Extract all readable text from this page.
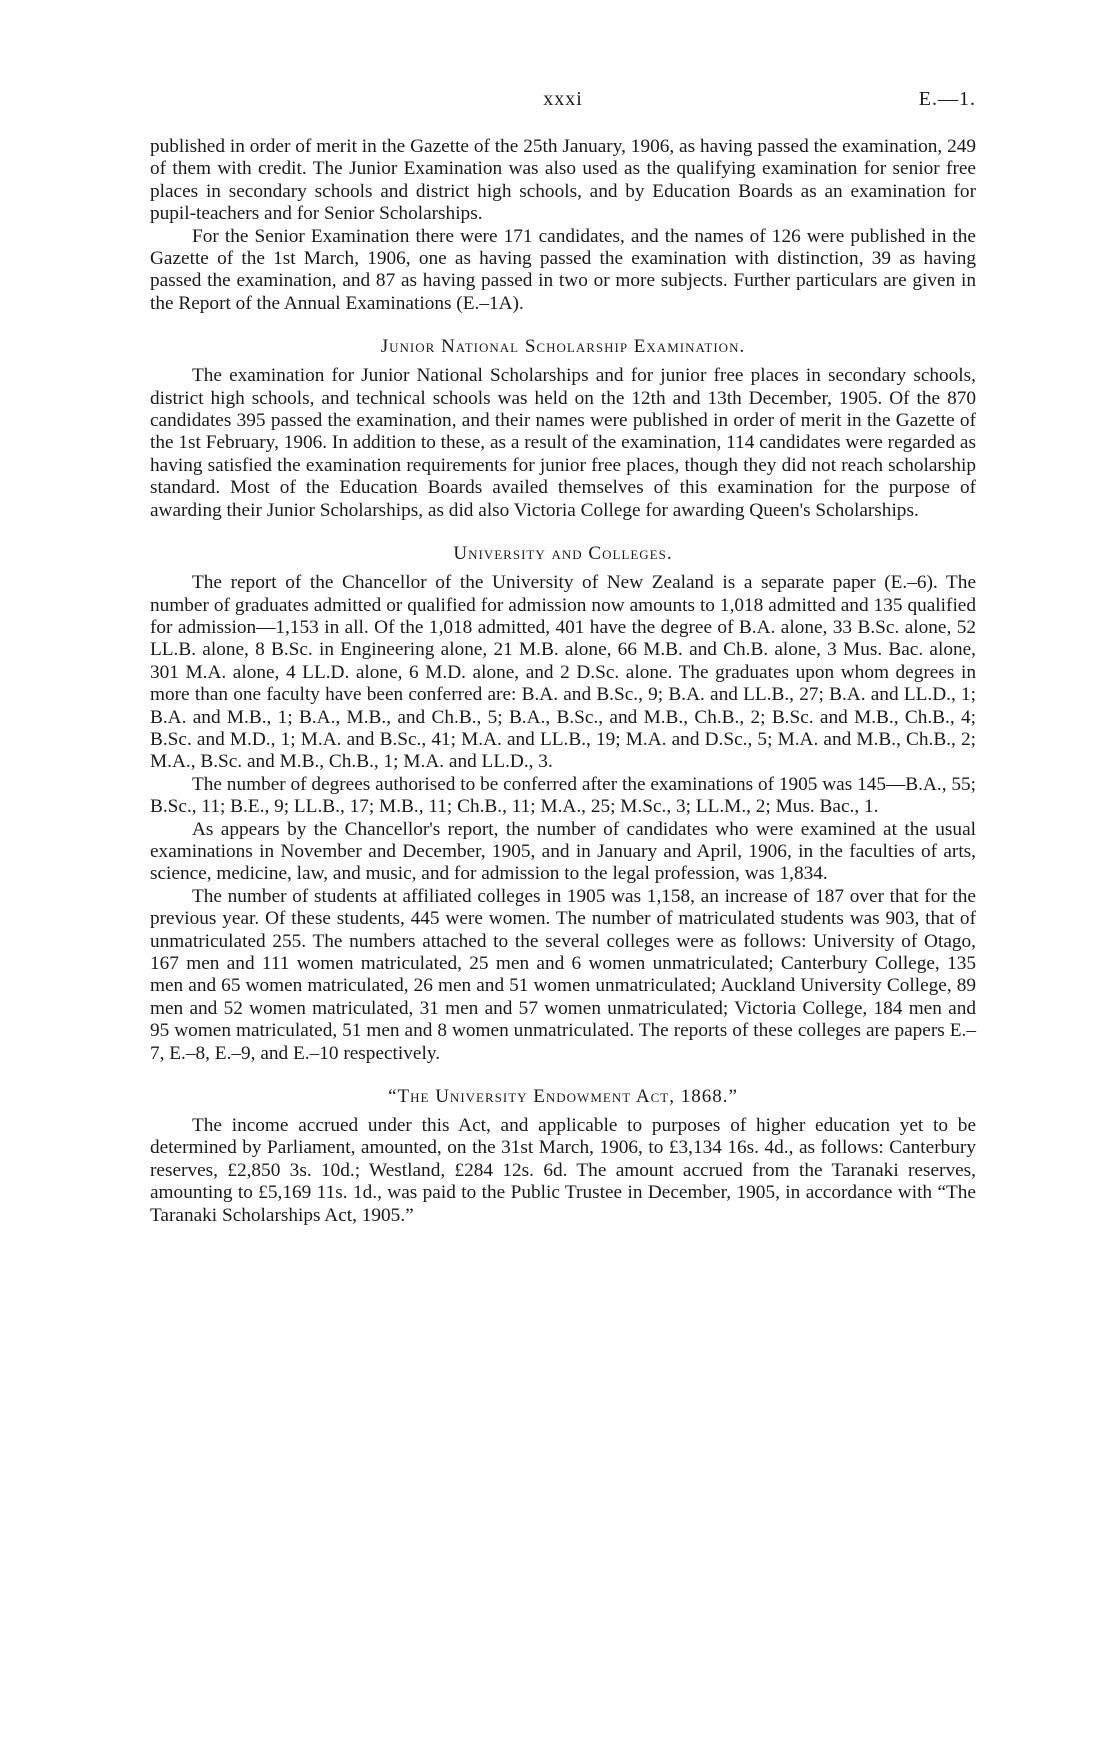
xxxi	E.—1.

published in order of merit in the Gazette of the 25th January, 1906, as having passed the examination, 249 of them with credit. The Junior Examination was also used as the qualifying examination for senior free places in secondary schools and district high schools, and by Education Boards as an examination for pupil-teachers and for Senior Scholarships.

For the Senior Examination there were 171 candidates, and the names of 126 were published in the Gazette of the 1st March, 1906, one as having passed the examination with distinction, 39 as having passed the examination, and 87 as having passed in two or more subjects. Further particulars are given in the Report of the Annual Examinations (E.–1A).

Junior National Scholarship Examination.

The examination for Junior National Scholarships and for junior free places in secondary schools, district high schools, and technical schools was held on the 12th and 13th December, 1905. Of the 870 candidates 395 passed the examination, and their names were published in order of merit in the Gazette of the 1st February, 1906. In addition to these, as a result of the examination, 114 candidates were regarded as having satisfied the examination requirements for junior free places, though they did not reach scholarship standard. Most of the Education Boards availed themselves of this examination for the purpose of awarding their Junior Scholarships, as did also Victoria College for awarding Queen's Scholarships.

University and Colleges.

The report of the Chancellor of the University of New Zealand is a separate paper (E.–6). The number of graduates admitted or qualified for admission now amounts to 1,018 admitted and 135 qualified for admission—1,153 in all. Of the 1,018 admitted, 401 have the degree of B.A. alone, 33 B.Sc. alone, 52 LL.B. alone, 8 B.Sc. in Engineering alone, 21 M.B. alone, 66 M.B. and Ch.B. alone, 3 Mus. Bac. alone, 301 M.A. alone, 4 LL.D. alone, 6 M.D. alone, and 2 D.Sc. alone. The graduates upon whom degrees in more than one faculty have been conferred are: B.A. and B.Sc., 9; B.A. and LL.B., 27; B.A. and LL.D., 1; B.A. and M.B., 1; B.A., M.B., and Ch.B., 5; B.A., B.Sc., and M.B., Ch.B., 2; B.Sc. and M.B., Ch.B., 4; B.Sc. and M.D., 1; M.A. and B.Sc., 41; M.A. and LL.B., 19; M.A. and D.Sc., 5; M.A. and M.B., Ch.B., 2; M.A., B.Sc. and M.B., Ch.B., 1; M.A. and LL.D., 3.

The number of degrees authorised to be conferred after the examinations of 1905 was 145—B.A., 55; B.Sc., 11; B.E., 9; LL.B., 17; M.B., 11; Ch.B., 11; M.A., 25; M.Sc., 3; LL.M., 2; Mus. Bac., 1.

As appears by the Chancellor's report, the number of candidates who were examined at the usual examinations in November and December, 1905, and in January and April, 1906, in the faculties of arts, science, medicine, law, and music, and for admission to the legal profession, was 1,834.

The number of students at affiliated colleges in 1905 was 1,158, an increase of 187 over that for the previous year. Of these students, 445 were women. The number of matriculated students was 903, that of unmatriculated 255. The numbers attached to the several colleges were as follows: University of Otago, 167 men and 111 women matriculated, 25 men and 6 women unmatriculated; Canterbury College, 135 men and 65 women matriculated, 26 men and 51 women unmatriculated; Auckland University College, 89 men and 52 women matriculated, 31 men and 57 women unmatriculated; Victoria College, 184 men and 95 women matriculated, 51 men and 8 women unmatriculated. The reports of these colleges are papers E.–7, E.–8, E.–9, and E.–10 respectively.

“The University Endowment Act, 1868.”

The income accrued under this Act, and applicable to purposes of higher education yet to be determined by Parliament, amounted, on the 31st March, 1906, to £3,134 16s. 4d., as follows: Canterbury reserves, £2,850 3s. 10d.; Westland, £284 12s. 6d. The amount accrued from the Taranaki reserves, amounting to £5,169 11s. 1d., was paid to the Public Trustee in December, 1905, in accordance with “The Taranaki Scholarships Act, 1905.”
